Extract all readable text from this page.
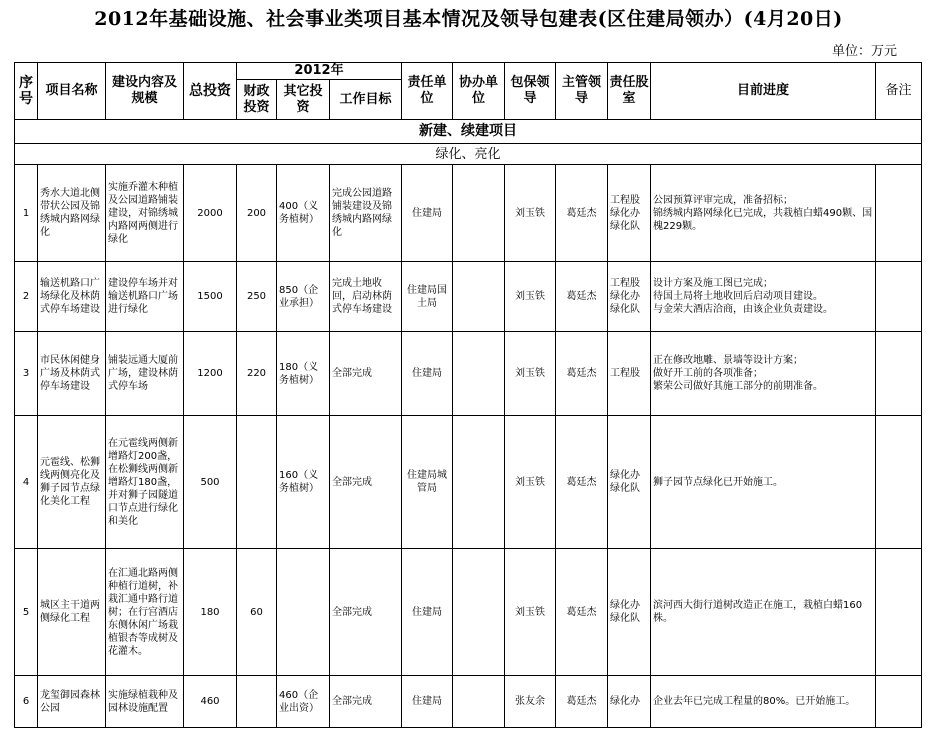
2012年基础设施、社会事业类项目基本情况及领导包建表(区住建局领办）(4月20日)
单位：万元
序号	项目名称	建设内容及规模	总投资	2012年			责任单位	协办单位	包保领导	主管领导	责任股室	目前进度	备注
				财政投资	其它投资	工作目标							
新建、续建项目													
绿化、亮化													
1	秀水大道北侧带状公园及锦绣城内路网绿化	实施乔灌木种植及公园道路铺装建设，对锦绣城内路网两侧进行绿化	2000	200	400（义务植树）	完成公园道路铺装建设及锦绣城内路网绿化	住建局		刘玉铁	葛廷杰	工程股绿化办绿化队	公园预算评审完成，准备招标；
锦绣城内路网绿化已完成，共栽植白蜡490颗、国槐229颗。	
2	输送机路口广场绿化及林荫式停车场建设	建设停车场并对输送机路口广场进行绿化	1500	250	850（企业承担）	完成土地收回，启动林荫式停车场建设	住建局国土局		刘玉铁	葛廷杰	工程股绿化办绿化队	设计方案及施工图已完成；
待国土局将土地收回后启动项目建设。
与金荣大酒店洽商，由该企业负责建设。	
3	市民休闲健身广场及林荫式停车场建设	铺装远通大厦前广场，建设林荫式停车场	1200	220	180（义务植树）	全部完成	住建局		刘玉铁	葛廷杰	工程股	正在修改地雕、景墙等设计方案；
做好开工前的各项准备；
繁荣公司做好其施工部分的前期准备。	
4	元雹线、松狮线两侧亮化及狮子园节点绿化美化工程	在元雹线两侧新增路灯200盏，在松狮线两侧新增路灯180盏，并对狮子园隧道口节点进行绿化和美化	500		160（义务植树）	全部完成	住建局城管局		刘玉铁	葛廷杰	绿化办绿化队	狮子园节点绿化已开始施工。	
5	城区主干道两侧绿化工程	在汇通北路两侧种植行道树，补栽汇通中路行道树；在行宫酒店东侧休闲广场栽植银杏等成树及花灌木。	180	60		全部完成	住建局		刘玉铁	葛廷杰	绿化办绿化队	滨河西大街行道树改造正在施工，栽植白蜡160株。	
6	龙玺御园森林公园	实施绿植栽种及园林设施配置	460		460（企业出资）	全部完成	住建局		张友余	葛廷杰	绿化办	企业去年已完成工程量的80%。已开始施工。	
